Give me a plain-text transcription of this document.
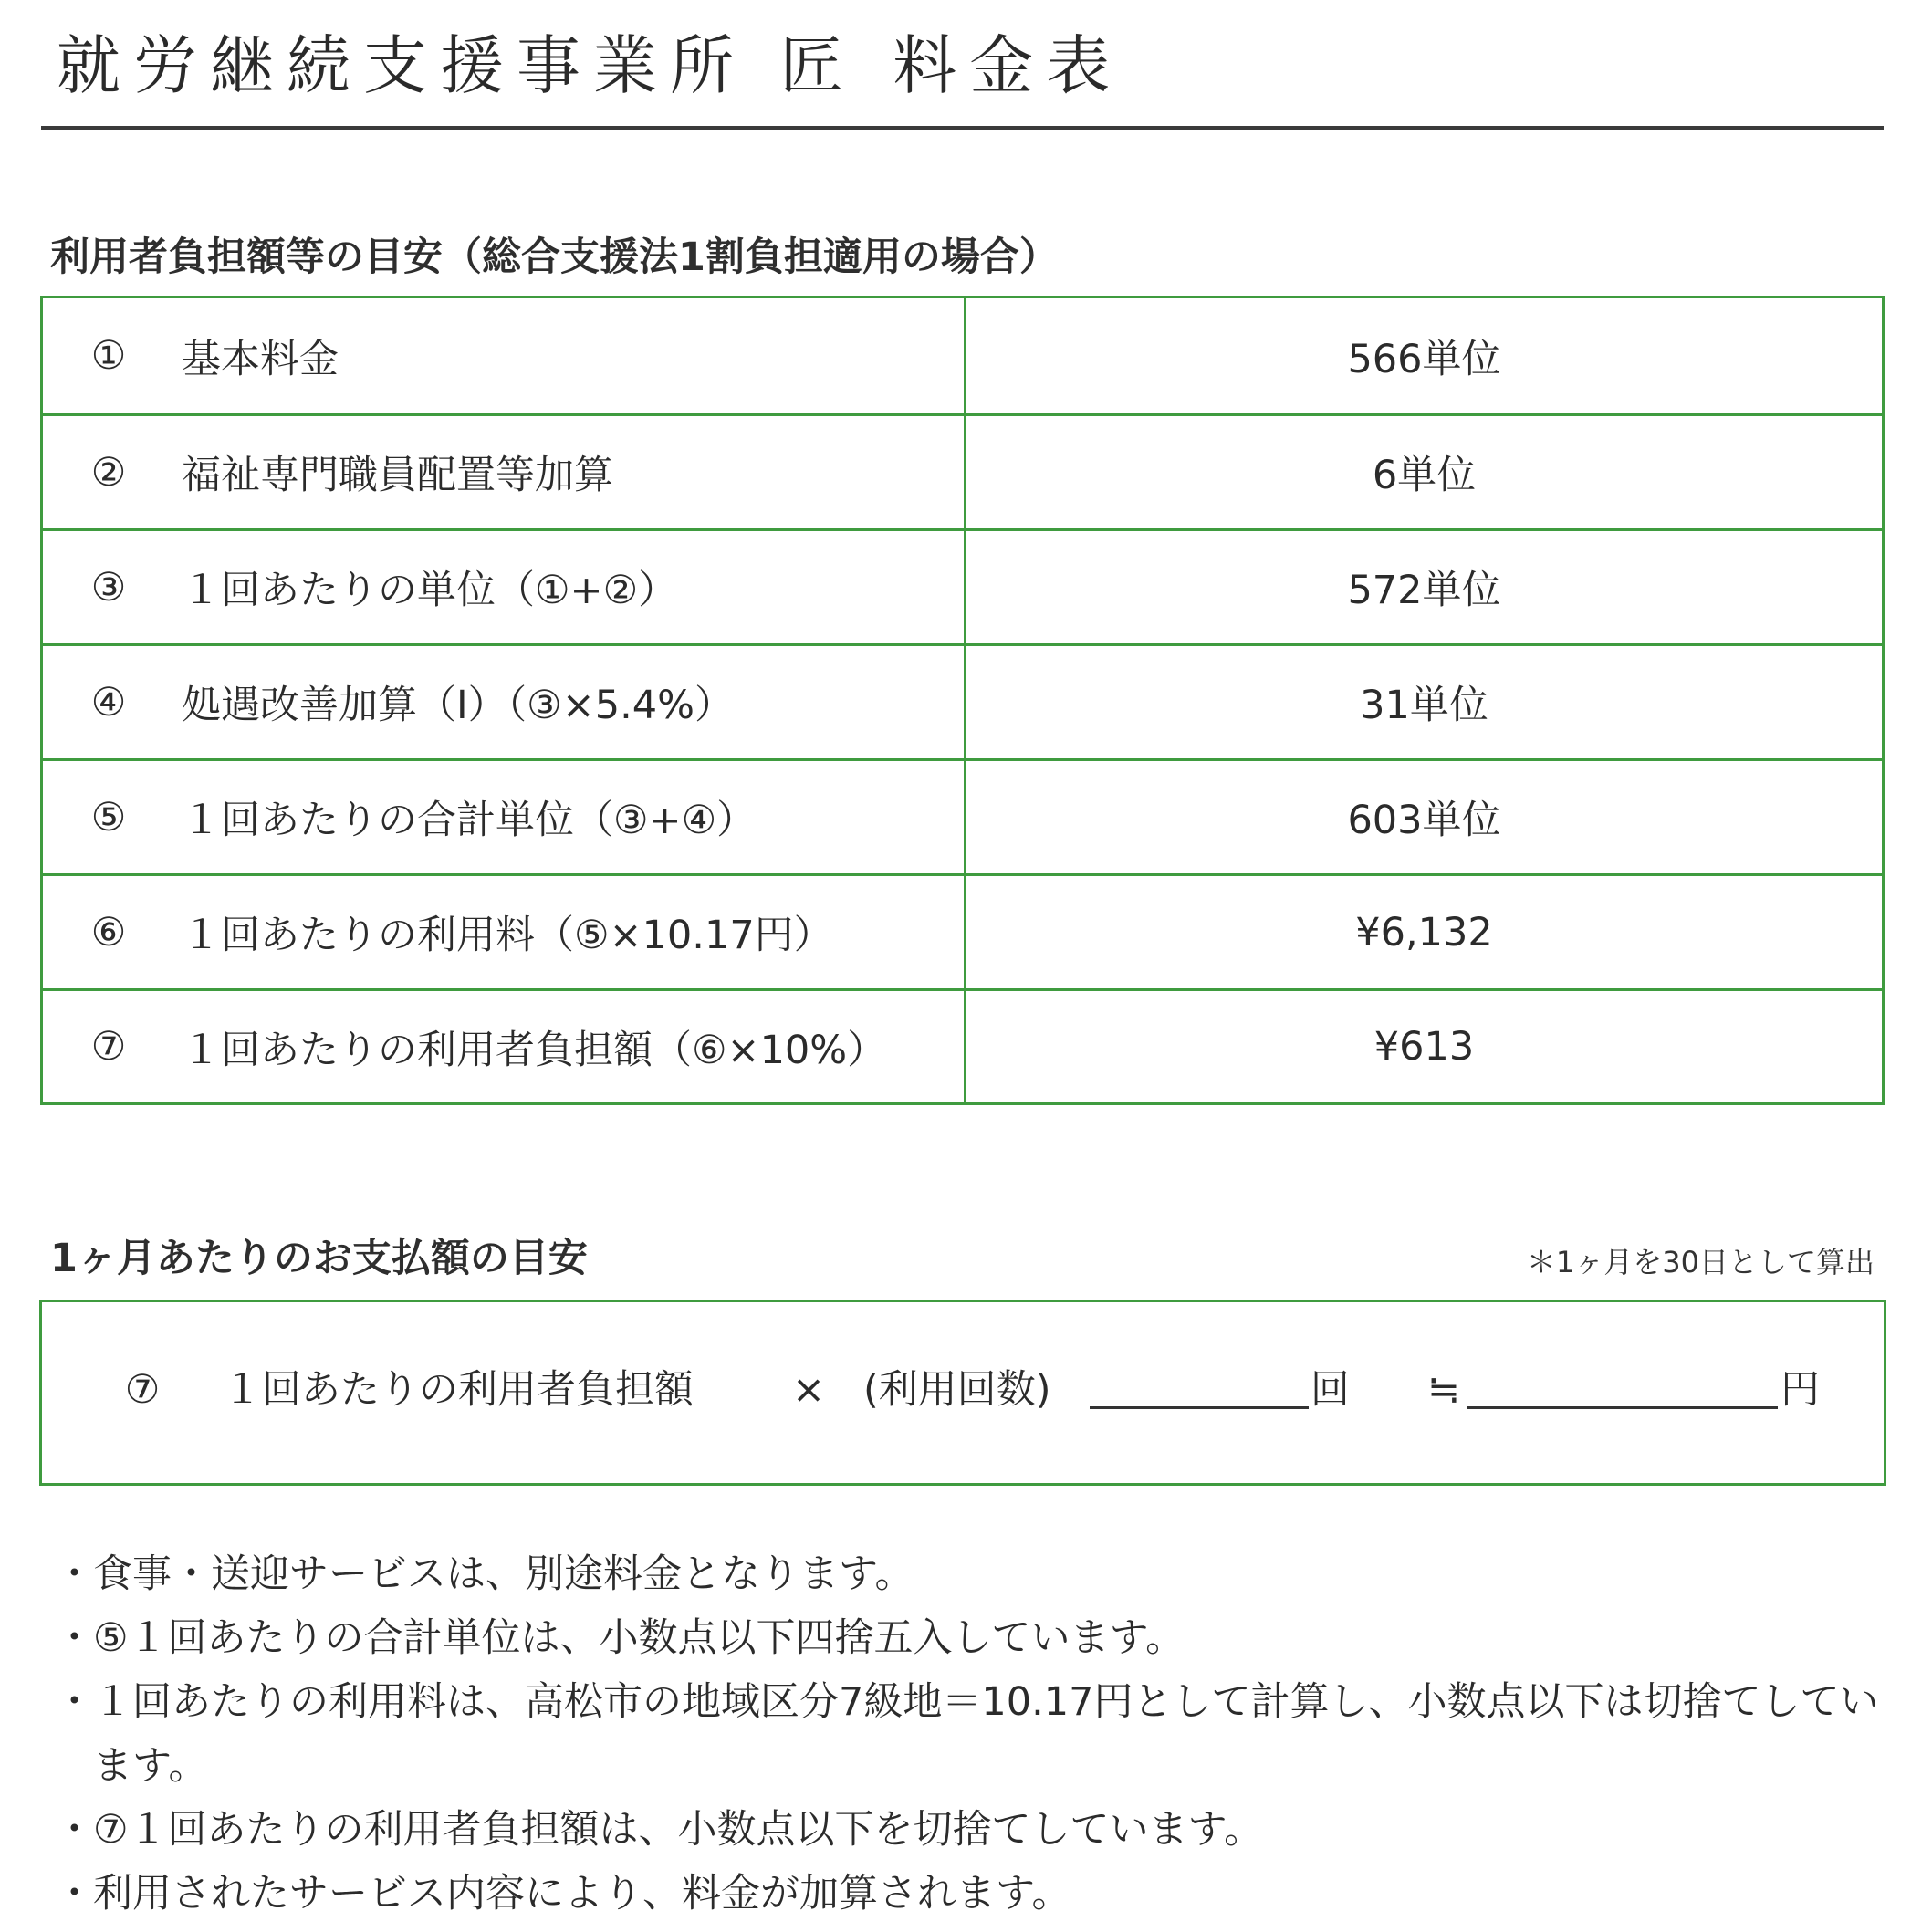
就労継続支援事業所 匠 料金表
利用者負担額等の目安（総合支援法1割負担適用の場合）
①	基本料金	566単位
②	福祉専門職員配置等加算	6単位
③	１回あたりの単位（①+②）	572単位
④	処遇改善加算（Ⅰ）（③×5.4%）	31単位
⑤	１回あたりの合計単位（③+④）	603単位
⑥	１回あたりの利用料（⑤×10.17円）	¥6,132
⑦	１回あたりの利用者負担額（⑥×10%）	¥613
1ヶ月あたりのお支払額の目安	＊1ヶ月を30日として算出
⑦	１回あたりの利用者負担額	× (利用回数)	回 ≒	円
・ 食事・送迎サービスは、別途料金となります。
・ ⑤１回あたりの合計単位は、小数点以下四捨五入しています。
・ １回あたりの利用料は、高松市の地域区分7級地＝10.17円として計算し、小数点以下は切捨てしています。
・ ⑦１回あたりの利用者負担額は、小数点以下を切捨てしています。
・ 利用されたサービス内容により、料金が加算されます。
